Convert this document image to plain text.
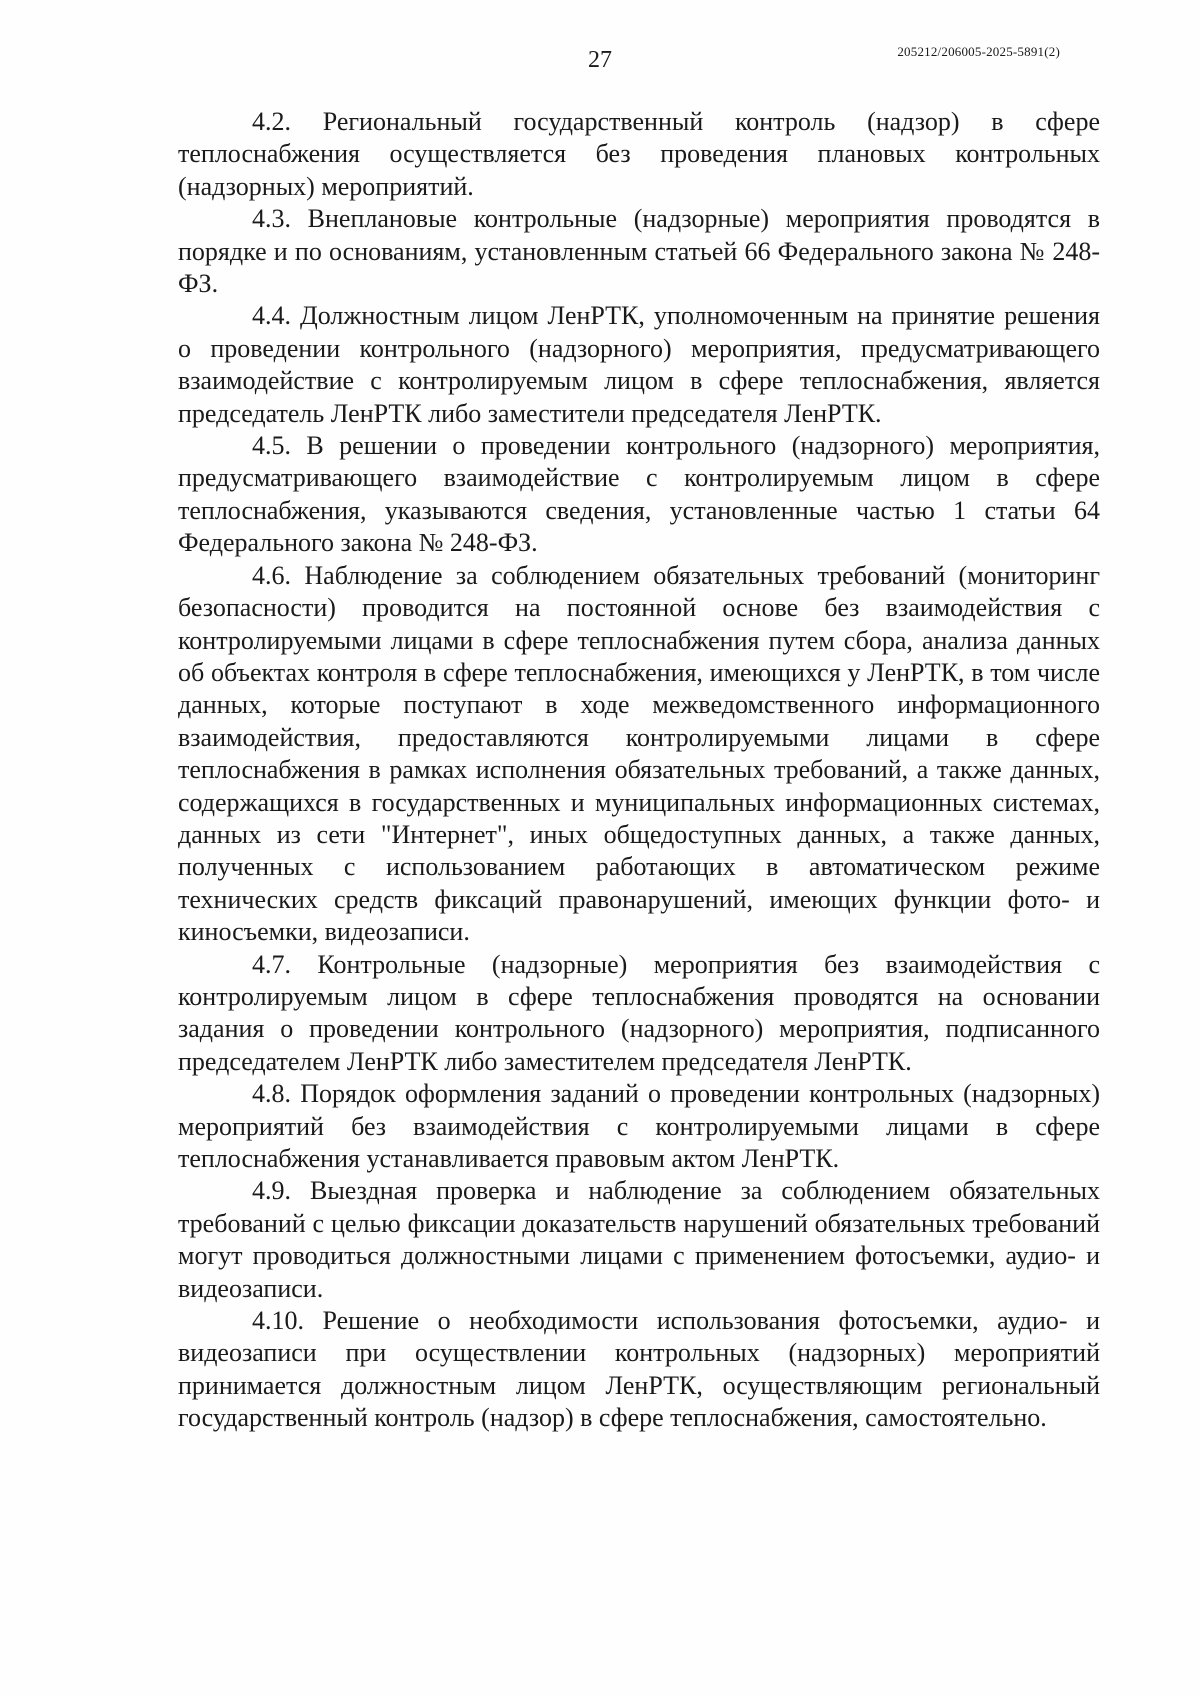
27	205212/206005-2025-5891(2)

4.2. Региональный государственный контроль (надзор) в сфере теплоснабжения осуществляется без проведения плановых контрольных (надзорных) мероприятий.

4.3. Внеплановые контрольные (надзорные) мероприятия проводятся в порядке и по основаниям, установленным статьей 66 Федерального закона № 248-ФЗ.

4.4. Должностным лицом ЛенРТК, уполномоченным на принятие решения о проведении контрольного (надзорного) мероприятия, предусматривающего взаимодействие с контролируемым лицом в сфере теплоснабжения, является председатель ЛенРТК либо заместители председателя ЛенРТК.

4.5. В решении о проведении контрольного (надзорного) мероприятия, предусматривающего взаимодействие с контролируемым лицом в сфере теплоснабжения, указываются сведения, установленные частью 1 статьи 64 Федерального закона № 248-ФЗ.

4.6. Наблюдение за соблюдением обязательных требований (мониторинг безопасности) проводится на постоянной основе без взаимодействия с контролируемыми лицами в сфере теплоснабжения путем сбора, анализа данных об объектах контроля в сфере теплоснабжения, имеющихся у ЛенРТК, в том числе данных, которые поступают в ходе межведомственного информационного взаимодействия, предоставляются контролируемыми лицами в сфере теплоснабжения в рамках исполнения обязательных требований, а также данных, содержащихся в государственных и муниципальных информационных системах, данных из сети "Интернет", иных общедоступных данных, а также данных, полученных с использованием работающих в автоматическом режиме технических средств фиксаций правонарушений, имеющих функции фото- и киносъемки, видеозаписи.

4.7. Контрольные (надзорные) мероприятия без взаимодействия с контролируемым лицом в сфере теплоснабжения проводятся на основании задания о проведении контрольного (надзорного) мероприятия, подписанного председателем ЛенРТК либо заместителем председателя ЛенРТК.

4.8. Порядок оформления заданий о проведении контрольных (надзорных) мероприятий без взаимодействия с контролируемыми лицами в сфере теплоснабжения устанавливается правовым актом ЛенРТК.

4.9. Выездная проверка и наблюдение за соблюдением обязательных требований с целью фиксации доказательств нарушений обязательных требований могут проводиться должностными лицами с применением фотосъемки, аудио- и видеозаписи.

4.10. Решение о необходимости использования фотосъемки, аудио- и видеозаписи при осуществлении контрольных (надзорных) мероприятий принимается должностным лицом ЛенРТК, осуществляющим региональный государственный контроль (надзор) в сфере теплоснабжения, самостоятельно.
